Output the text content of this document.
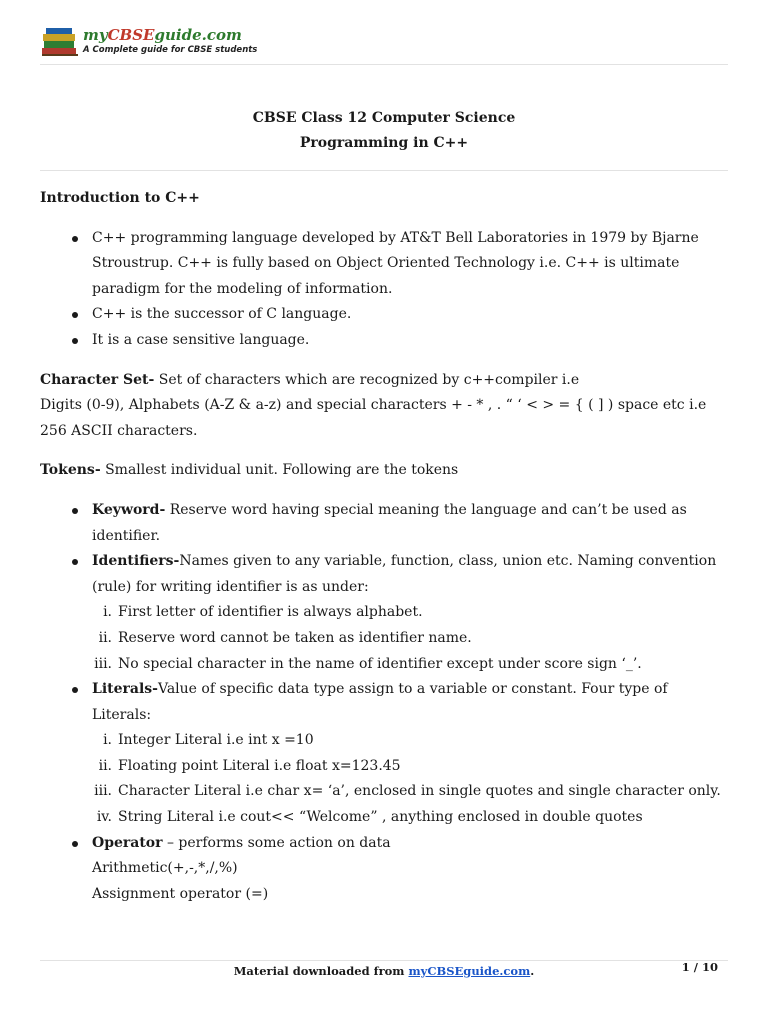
myCBSEguide.com
A Complete guide for CBSE students
CBSE Class 12 Computer Science
Programming in C++

Introduction to C++

C++ programming language developed by AT&T Bell Laboratories in 1979 by Bjarne Stroustrup. C++ is fully based on Object Oriented Technology i.e. C++ is ultimate paradigm for the modeling of information.
C++ is the successor of C language.
It is a case sensitive language.

Character Set- Set of characters which are recognized by c++compiler i.e

Digits (0-9), Alphabets (A-Z & a-z) and special characters + - * , . “ ‘ < > = { ( ] ) space etc i.e 256 ASCII characters.

Tokens- Smallest individual unit. Following are the tokens

Keyword- Reserve word having special meaning the language and can’t be used as identifier.
Identifiers-Names given to any variable, function, class, union etc. Naming convention (rule) for writing identifier is as under:
i. First letter of identifier is always alphabet.
ii. Reserve word cannot be taken as identifier name.
iii. No special character in the name of identifier except under score sign ‘_’.
Literals-Value of specific data type assign to a variable or constant. Four type of Literals:
i. Integer Literal i.e int x =10
ii. Floating point Literal i.e float x=123.45
iii. Character Literal i.e char x= ‘a’, enclosed in single quotes and single character only.
iv. String Literal i.e cout<< “Welcome” , anything enclosed in double quotes
Operator – performs some action on data
Arithmetic(+,-,*,/,%)
Assignment operator (=)
Material downloaded from myCBSEguide.com.	1 / 10
